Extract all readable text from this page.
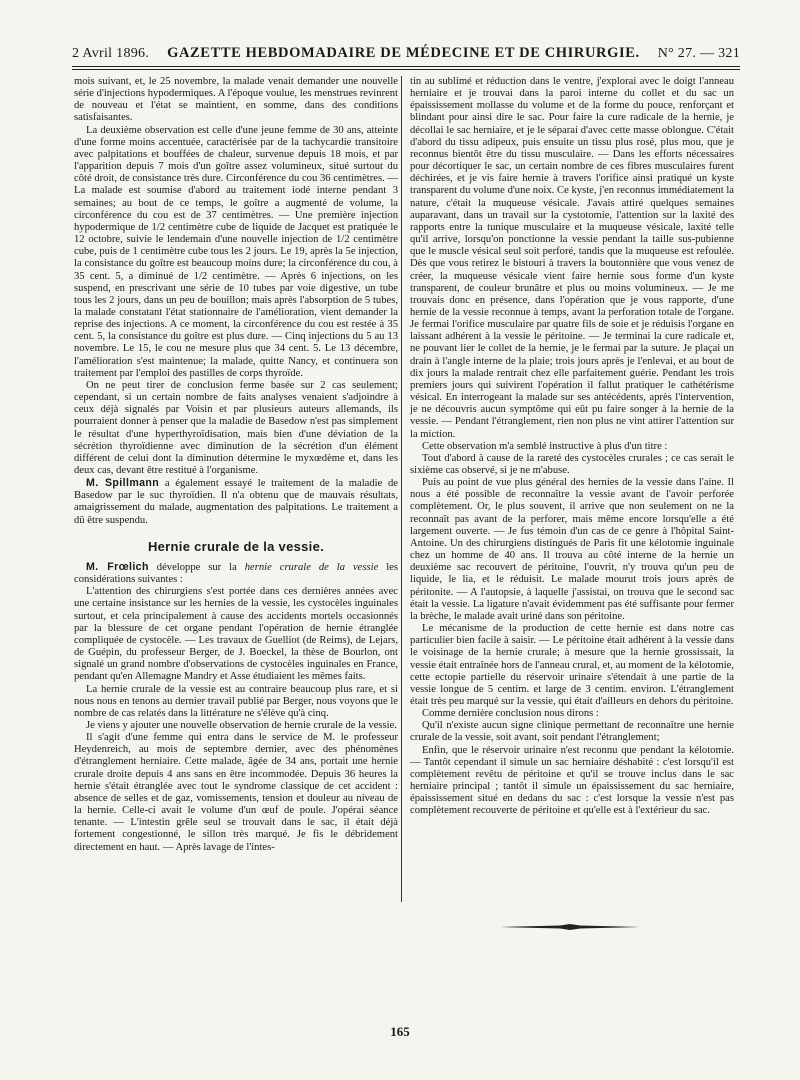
2 Avril 1896. GAZETTE HEBDOMADAIRE DE MÉDECINE ET DE CHIRURGIE. N° 27. — 321

mois suivant, et, le 25 novembre, la malade venait demander une nouvelle série d'injections hypodermiques. A l'époque voulue, les menstrues revinrent de nouveau et l'état se maintient, en somme, dans des conditions satisfaisantes.

La deuxième observation est celle d'une jeune femme de 30 ans, atteinte d'une forme moins accentuée, caractérisée par de la tachycardie transitoire avec palpitations et bouffées de chaleur, survenue depuis 18 mois, et par l'apparition depuis 7 mois d'un goître assez volumineux, situé surtout du côté droit, de consistance très dure. Circonférence du cou 36 centimètres. — La malade est soumise d'abord au traitement iodé interne pendant 3 semaines; au bout de ce temps, le goître a augmenté de volume, la circonférence du cou est de 37 centimètres. — Une première injection hypodermique de 1/2 centimètre cube de liquide de Jacquet est pratiquée le 12 octobre, suivie le lendemain d'une nouvelle injection de 1/2 centimètre cube, puis de 1 centimètre cube tous les 2 jours. Le 19, après la 5e injection, la consistance du goître est beaucoup moins dure; la circonférence du cou, à 35 cent. 5, a diminué de 1/2 centimètre. — Après 6 injections, on les suspend, en prescrivant une série de 10 tubes par voie digestive, un tube tous les 2 jours, dans un peu de bouillon; mais après l'absorption de 5 tubes, la malade constatant l'état stationnaire de l'amélioration, vient demander la reprise des injections. A ce moment, la circonférence du cou est restée à 35 cent. 5, la consistance du goître est plus dure. — Cinq injections du 5 au 13 novembre. Le 15, le cou ne mesure plus que 34 cent. 5. Le 13 décembre, l'amélioration s'est maintenue; la malade, quitte Nancy, et continuera son traitement par l'emploi des pastilles de corps thyroïde.

On ne peut tirer de conclusion ferme basée sur 2 cas seulement; cependant, si un certain nombre de faits analyses venaient s'adjoindre à ceux déjà signalés par Voisin et par plusieurs auteurs allemands, ils pourraient donner à penser que la maladie de Basedow n'est pas simplement le résultat d'une hyperthyroïdisation, mais bien d'une déviation de la sécrétion thyroïdienne avec diminution de la sécrétion d'un élément différent de celui dont la diminution détermine le myxœdème et, dans les deux cas, devant être restitué à l'organisme.

M. Spillmann a également essayé le traitement de la maladie de Basedow par le suc thyroïdien. Il n'a obtenu que de mauvais résultats, amaigrissement du malade, augmentation des palpitations. Le traitement a dû être suspendu.

Hernie crurale de la vessie.

M. Frœlich développe sur la hernie crurale de la vessie les considérations suivantes :

L'attention des chirurgiens s'est portée dans ces dernières années avec une certaine insistance sur les hernies de la vessie, les cystocèles inguinales surtout, et cela principalement à cause des accidents mortels occasionnés par la blessure de cet organe pendant l'opération de hernie étranglée compliquée de cystocèle. — Les travaux de Guelliot (de Reims), de Lejars, de Guépin, du professeur Berger, de J. Boeckel, la thèse de Bourlon, ont signalé un grand nombre d'observations de cystocèles inguinales en France, pendant qu'en Allemagne Mandry et Asse étudiaient les mêmes faits.

La hernie crurale de la vessie est au contraire beaucoup plus rare, et si nous nous en tenons au dernier travail publié par Berger, nous voyons que le nombre de cas relatés dans la littérature ne s'élève qu'à cinq.

Je viens y ajouter une nouvelle observation de hernie crurale de la vessie.

Il s'agit d'une femme qui entra dans le service de M. le professeur Heydenreich, au mois de septembre dernier, avec des phénomènes d'étranglement herniaire. Cette malade, âgée de 34 ans, portait une hernie crurale droite depuis 4 ans sans en être incommodée. Depuis 36 heures la hernie s'était étranglée avec tout le syndrome classique de cet accident : absence de selles et de gaz, vomissements, tension et douleur au niveau de la hernie. Celle-ci avait le volume d'un œuf de poule. J'opérai séance tenante. — L'intestin grêle seul se trouvait dans le sac, il était déjà fortement congestionné, le sillon très marqué. Je fis le débridement directement en haut. — Après lavage de l'intes-

tin au sublimé et réduction dans le ventre, j'explorai avec le doigt l'anneau herniaire et je trouvai dans la paroi interne du collet et du sac un épaississement mollasse du volume et de la forme du pouce, renforçant et blindant pour ainsi dire le sac. Pour faire la cure radicale de la hernie, je décollai le sac herniaire, et je le séparai d'avec cette masse oblongue. C'était d'abord du tissu adipeux, puis ensuite un tissu plus rosé, plus mou, que je reconnus bientôt être du tissu musculaire. — Dans les efforts nécessaires pour décortiquer le sac, un certain nombre de ces fibres musculaires furent déchirées, et je vis faire hernie à travers l'orifice ainsi pratiqué un kyste transparent du volume d'une noix. Ce kyste, j'en reconnus immédiatement la nature, c'était la muqueuse vésicale. J'avais attiré quelques semaines auparavant, dans un travail sur la cystotomie, l'attention sur la laxité des rapports entre la tunique musculaire et la muqueuse vésicale, laxité telle qu'il arrive, lorsqu'on ponctionne la vessie pendant la taille sus-pubienne que le muscle vésical seul soit perforé, tandis que la muqueuse est refoulée. Dès que vous retirez le bistouri à travers la boutonnière que vous venez de créer, la muqueuse vésicale vient faire hernie sous forme d'un kyste transparent, de couleur brunâtre et plus ou moins volumineux. — Je me trouvais donc en présence, dans l'opération que je vous rapporte, d'une hernie de la vessie reconnue à temps, avant la perforation totale de l'organe. Je fermai l'orifice musculaire par quatre fils de soie et je réduisis l'organe en laissant adhérent à la vessie le péritoine. — Je terminai la cure radicale et, ne pouvant lier le collet de la hernie, je le fermai par la suture. Je plaçai un drain à l'angle interne de la plaie; trois jours après je l'enlevai, et au bout de dix jours la malade rentrait chez elle parfaitement guérie. Pendant les trois premiers jours qui suivirent l'opération il fallut pratiquer le cathétérisme vésical. En interrogeant la malade sur ses antécédents, après l'intervention, je ne découvris aucun symptôme qui eût pu faire songer à la hernie de la vessie. — Pendant l'étranglement, rien non plus ne vint attirer l'attention sur la miction.

Cette observation m'a semblé instructive à plus d'un titre :

Tout d'abord à cause de la rareté des cystocèles crurales ; ce cas serait le sixième cas observé, si je ne m'abuse.

Puis au point de vue plus général des hernies de la vessie dans l'aine. Il nous a été possible de reconnaître la vessie avant de l'avoir perforée complètement. Or, le plus souvent, il arrive que non seulement on ne la reconnaît pas avant de la perforer, mais même encore lorsqu'elle a été largement ouverte. — Je fus témoin d'un cas de ce genre à l'hôpital Saint-Antoine. Un des chirurgiens distingués de Paris fit une kélotomie inguinale chez un homme de 40 ans. Il trouva au côté interne de la hernie un deuxième sac recouvert de péritoine, l'ouvrit, n'y trouva qu'un peu de liquide, le lia, et le réduisit. Le malade mourut trois jours après de péritonite. — A l'autopsie, à laquelle j'assistai, on trouva que le second sac était la vessie. La ligature n'avait évidemment pas été suffisante pour fermer la brèche, le malade avait uriné dans son péritoine.

Le mécanisme de la production de cette hernie est dans notre cas particulier bien facile à saisir. — Le péritoine était adhérent à la vessie dans le voisinage de la hernie crurale; à mesure que la hernie grossissait, la vessie était entraînée hors de l'anneau crural, et, au moment de la kélotomie, cette ectopie partielle du réservoir urinaire s'étendait à une partie de la vessie longue de 5 centim. et large de 3 centim. environ. L'étranglement était très peu marqué sur la vessie, qui était d'ailleurs en dehors du péritoine.

Comme dernière conclusion nous dirons :

Qu'il n'existe aucun signe clinique permettant de reconnaître une hernie crurale de la vessie, soit avant, soit pendant l'étranglement;

Enfin, que le réservoir urinaire n'est reconnu que pendant la kélotomie. — Tantôt cependant il simule un sac herniaire déshabité : c'est lorsqu'il est complètement revêtu de péritoine et qu'il se trouve inclus dans le sac herniaire principal ; tantôt il simule un épaississement du sac herniaire, épaississement situé en dedans du sac : c'est lorsque la vessie n'est pas complètement recouverte de péritoine et qu'elle est à l'extérieur du sac.

165
